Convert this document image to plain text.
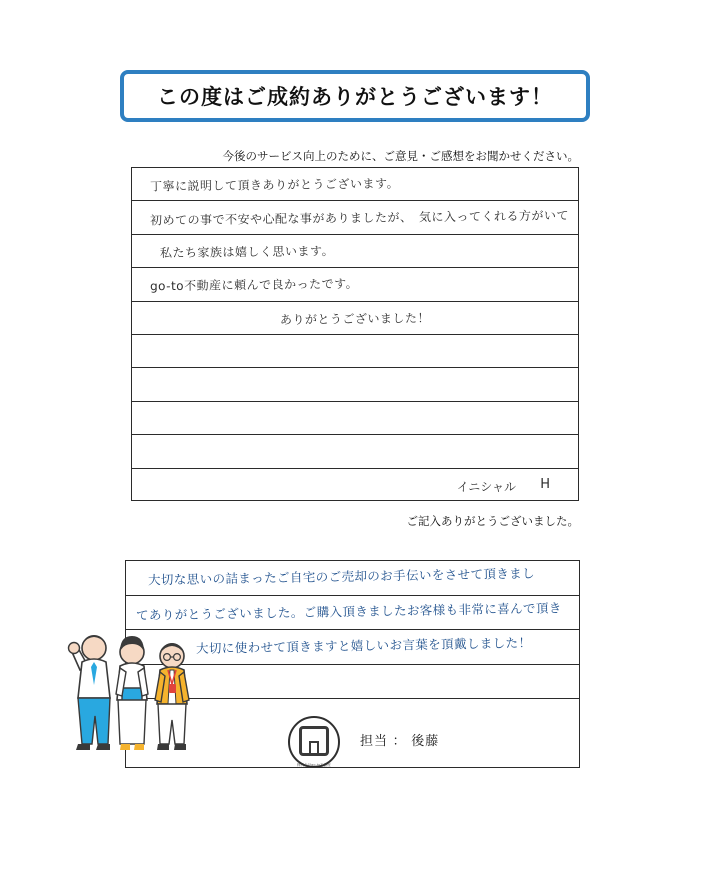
この度はご成約ありがとうございます！
今後のサービス向上のために、ご意見・ご感想をお聞かせください。
丁寧に説明して頂きありがとうございます。
初めての事で不安や心配な事がありましたが、　気に入ってくれる方がいて
私たち家族は嬉しく思います。
go-to不動産に頼んで良かったです。
ありがとうございました！
イニシャル H
ご記入ありがとうございました。
大切な思いの詰まったご自宅のご売却のお手伝いをさせて頂きまし
てありがとうございました。ご購入頂きましたお客様も非常に喜んで頂き
大切に使わせて頂きますと嬉しいお言葉を頂戴しました！
株式会社go-to不動産
担当 ： 後藤
